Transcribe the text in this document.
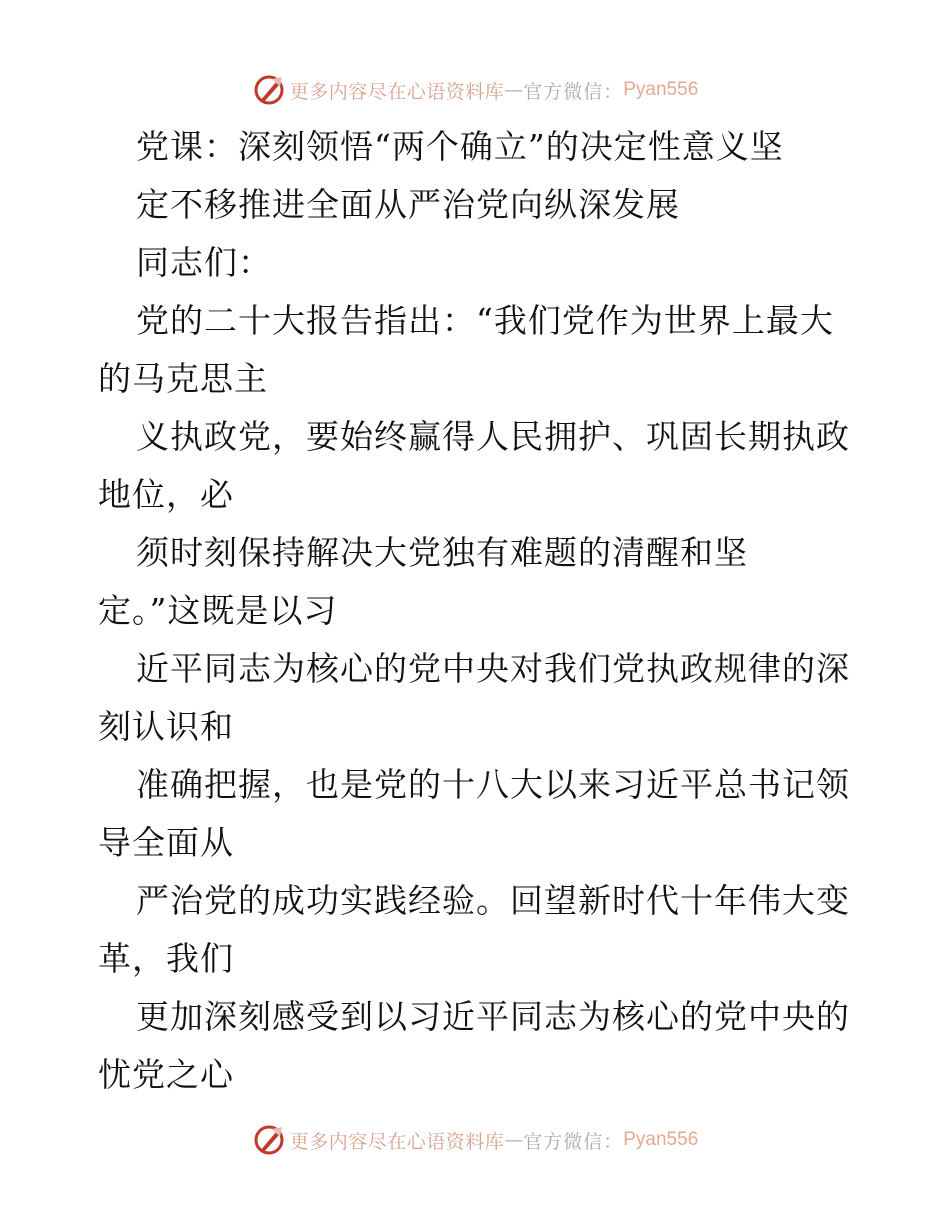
更多内容尽在心语资料库 — 官方微信： Pyan556
党课：深刻领悟“两个确立”的决定性意义坚
定不移推进全面从严治党向纵深发展
同志们：
党的二十大报告指出：“我们党作为世界上最大
的马克思主
义执政党，要始终赢得人民拥护、巩固长期执政
地位，必
须时刻保持解决大党独有难题的清醒和坚
定。”这既是以习
近平同志为核心的党中央对我们党执政规律的深
刻认识和
准确把握，也是党的十八大以来习近平总书记领
导全面从
严治党的成功实践经验。回望新时代十年伟大变
革，我们
更加深刻感受到以习近平同志为核心的党中央的
忧党之心
更多内容尽在心语资料库 — 官方微信： Pyan556
